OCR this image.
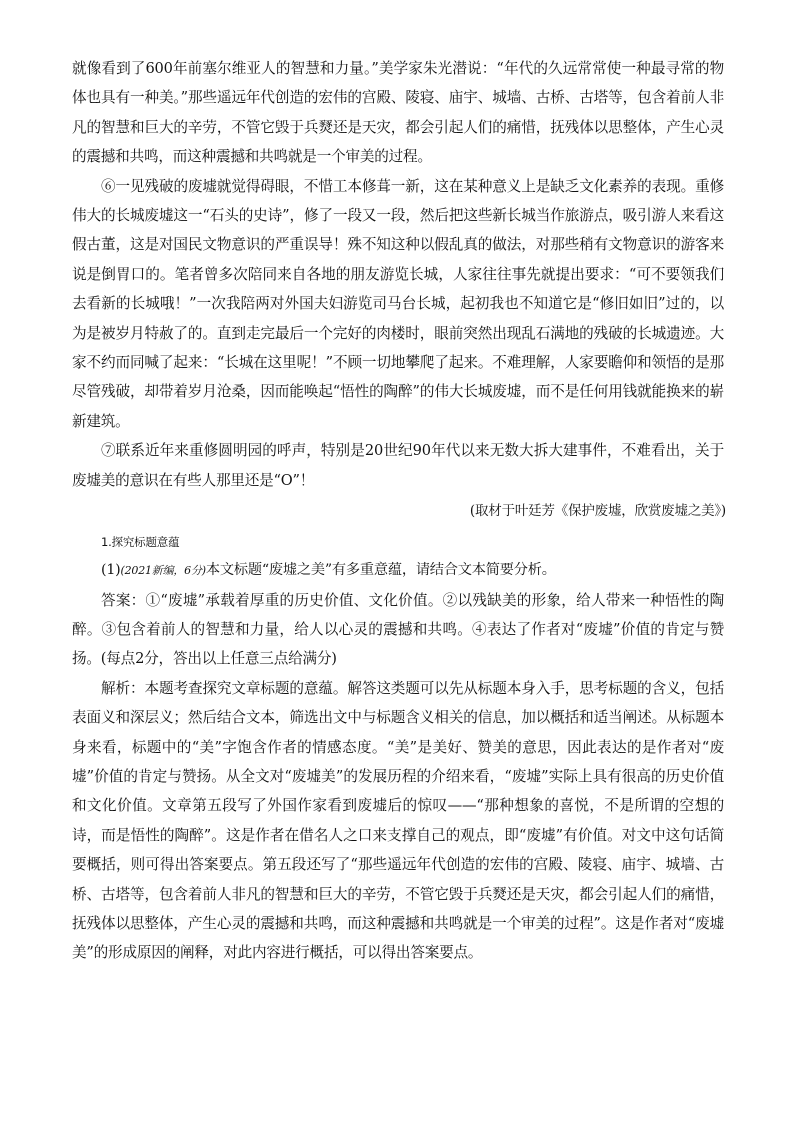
就像看到了600年前塞尔维亚人的智慧和力量。”美学家朱光潜说：“年代的久远常常使一种最寻常的物体也具有一种美。”那些遥远年代创造的宏伟的宫殿、陵寝、庙宇、城墙、古桥、古塔等，包含着前人非凡的智慧和巨大的辛劳，不管它毁于兵燹还是天灾，都会引起人们的痛惜，抚残体以思整体，产生心灵的震撼和共鸣，而这种震撼和共鸣就是一个审美的过程。

⑥一见残破的废墟就觉得碍眼，不惜工本修葺一新，这在某种意义上是缺乏文化素养的表现。重修伟大的长城废墟这一“石头的史诗”，修了一段又一段，然后把这些新长城当作旅游点，吸引游人来看这假古董，这是对国民文物意识的严重误导！殊不知这种以假乱真的做法，对那些稍有文物意识的游客来说是倒胃口的。笔者曾多次陪同来自各地的朋友游览长城，人家往往事先就提出要求：“可不要领我们去看新的长城哦！”一次我陪两对外国夫妇游览司马台长城，起初我也不知道它是“修旧如旧”过的，以为是被岁月特赦了的。直到走完最后一个完好的肉楼时，眼前突然出现乱石满地的残破的长城遗迹。大家不约而同喊了起来：“长城在这里呢！”不顾一切地攀爬了起来。不难理解，人家要瞻仰和领悟的是那尽管残破，却带着岁月沧桑，因而能唤起“悟性的陶醉”的伟大长城废墟，而不是任何用钱就能换来的崭新建筑。

⑦联系近年来重修圆明园的呼声，特别是20世纪90年代以来无数大拆大建事件，不难看出，关于废墟美的意识在有些人那里还是“O”！

(取材于叶廷芳《保护废墟，欣赏废墟之美》)

1.探究标题意蕴

(1)(2021新编，6分)本文标题“废墟之美”有多重意蕴，请结合文本简要分析。

答案：①“废墟”承载着厚重的历史价值、文化价值。②以残缺美的形象，给人带来一种悟性的陶醉。③包含着前人的智慧和力量，给人以心灵的震撼和共鸣。④表达了作者对“废墟”价值的肯定与赞扬。(每点2分，答出以上任意三点给满分)

解析：本题考查探究文章标题的意蕴。解答这类题可以先从标题本身入手，思考标题的含义，包括表面义和深层义；然后结合文本，筛选出文中与标题含义相关的信息，加以概括和适当阐述。从标题本身来看，标题中的“美”字饱含作者的情感态度。“美”是美好、赞美的意思，因此表达的是作者对“废墟”价值的肯定与赞扬。从全文对“废墟美”的发展历程的介绍来看，“废墟”实际上具有很高的历史价值和文化价值。文章第五段写了外国作家看到废墟后的惊叹——“那种想象的喜悦，不是所谓的空想的诗，而是悟性的陶醉”。这是作者在借名人之口来支撑自己的观点，即“废墟”有价值。对文中这句话简要概括，则可得出答案要点。第五段还写了“那些遥远年代创造的宏伟的宫殿、陵寝、庙宇、城墙、古桥、古塔等，包含着前人非凡的智慧和巨大的辛劳，不管它毁于兵燹还是天灾，都会引起人们的痛惜，抚残体以思整体，产生心灵的震撼和共鸣，而这种震撼和共鸣就是一个审美的过程”。这是作者对“废墟美”的形成原因的阐释，对此内容进行概括，可以得出答案要点。
